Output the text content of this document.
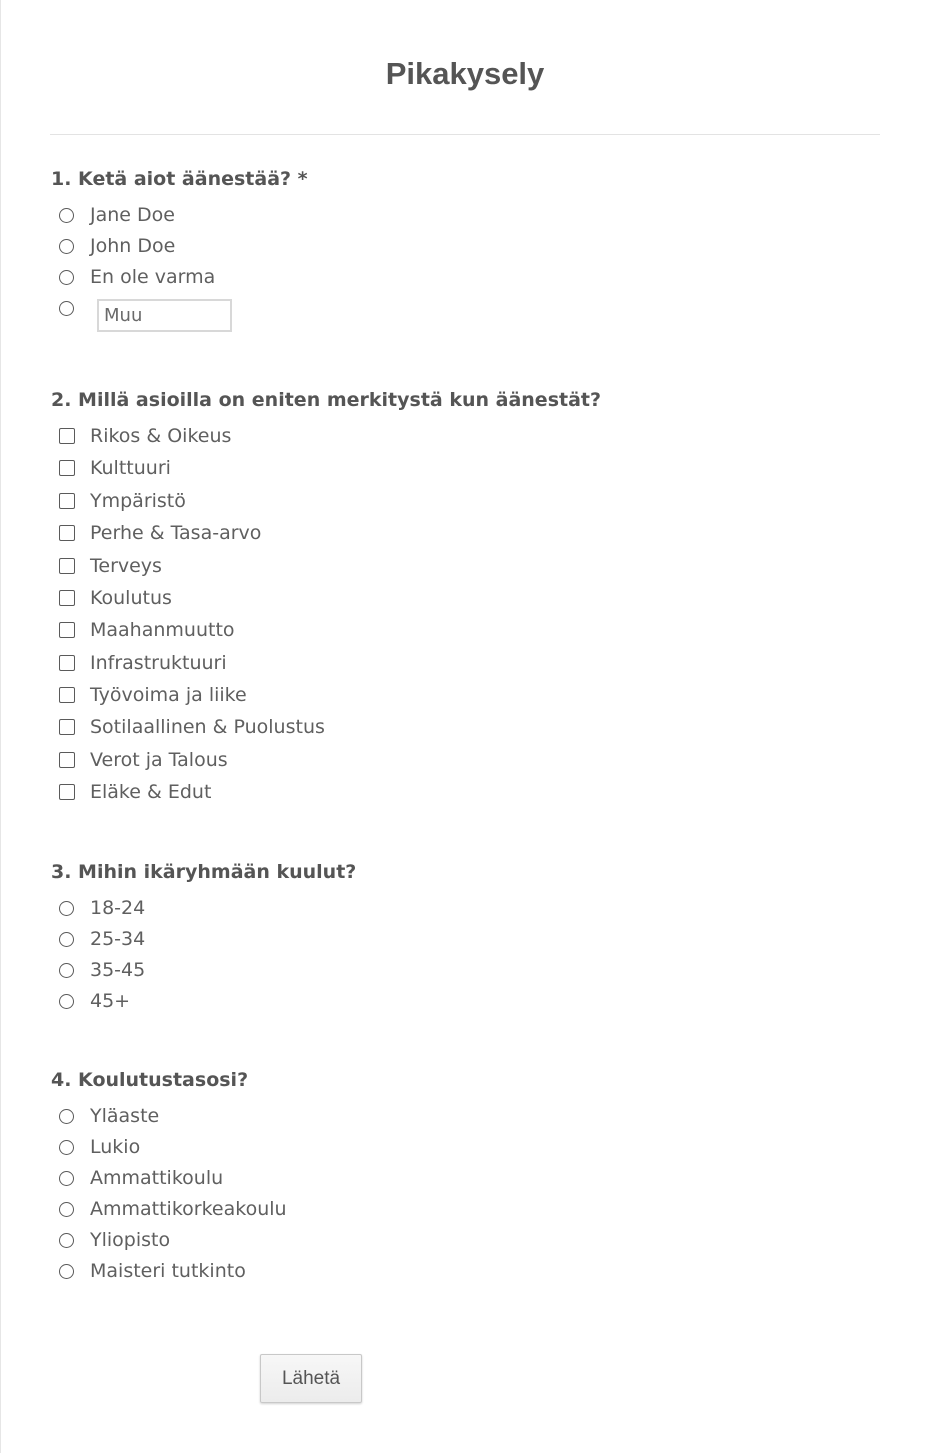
Pikakysely

1. Ketä aiot äänestää? *

Jane Doe
John Doe
En ole varma
Muu

2. Millä asioilla on eniten merkitystä kun äänestät?

Rikos & Oikeus
Kulttuuri
Ympäristö
Perhe & Tasa-arvo
Terveys
Koulutus
Maahanmuutto
Infrastruktuuri
Työvoima ja liike
Sotilaallinen & Puolustus
Verot ja Talous
Eläke & Edut

3. Mihin ikäryhmään kuulut?

18-24
25-34
35-45
45+

4. Koulutustasosi?

Yläaste
Lukio
Ammattikoulu
Ammattikorkeakoulu
Yliopisto
Maisteri tutkinto
Lähetä
